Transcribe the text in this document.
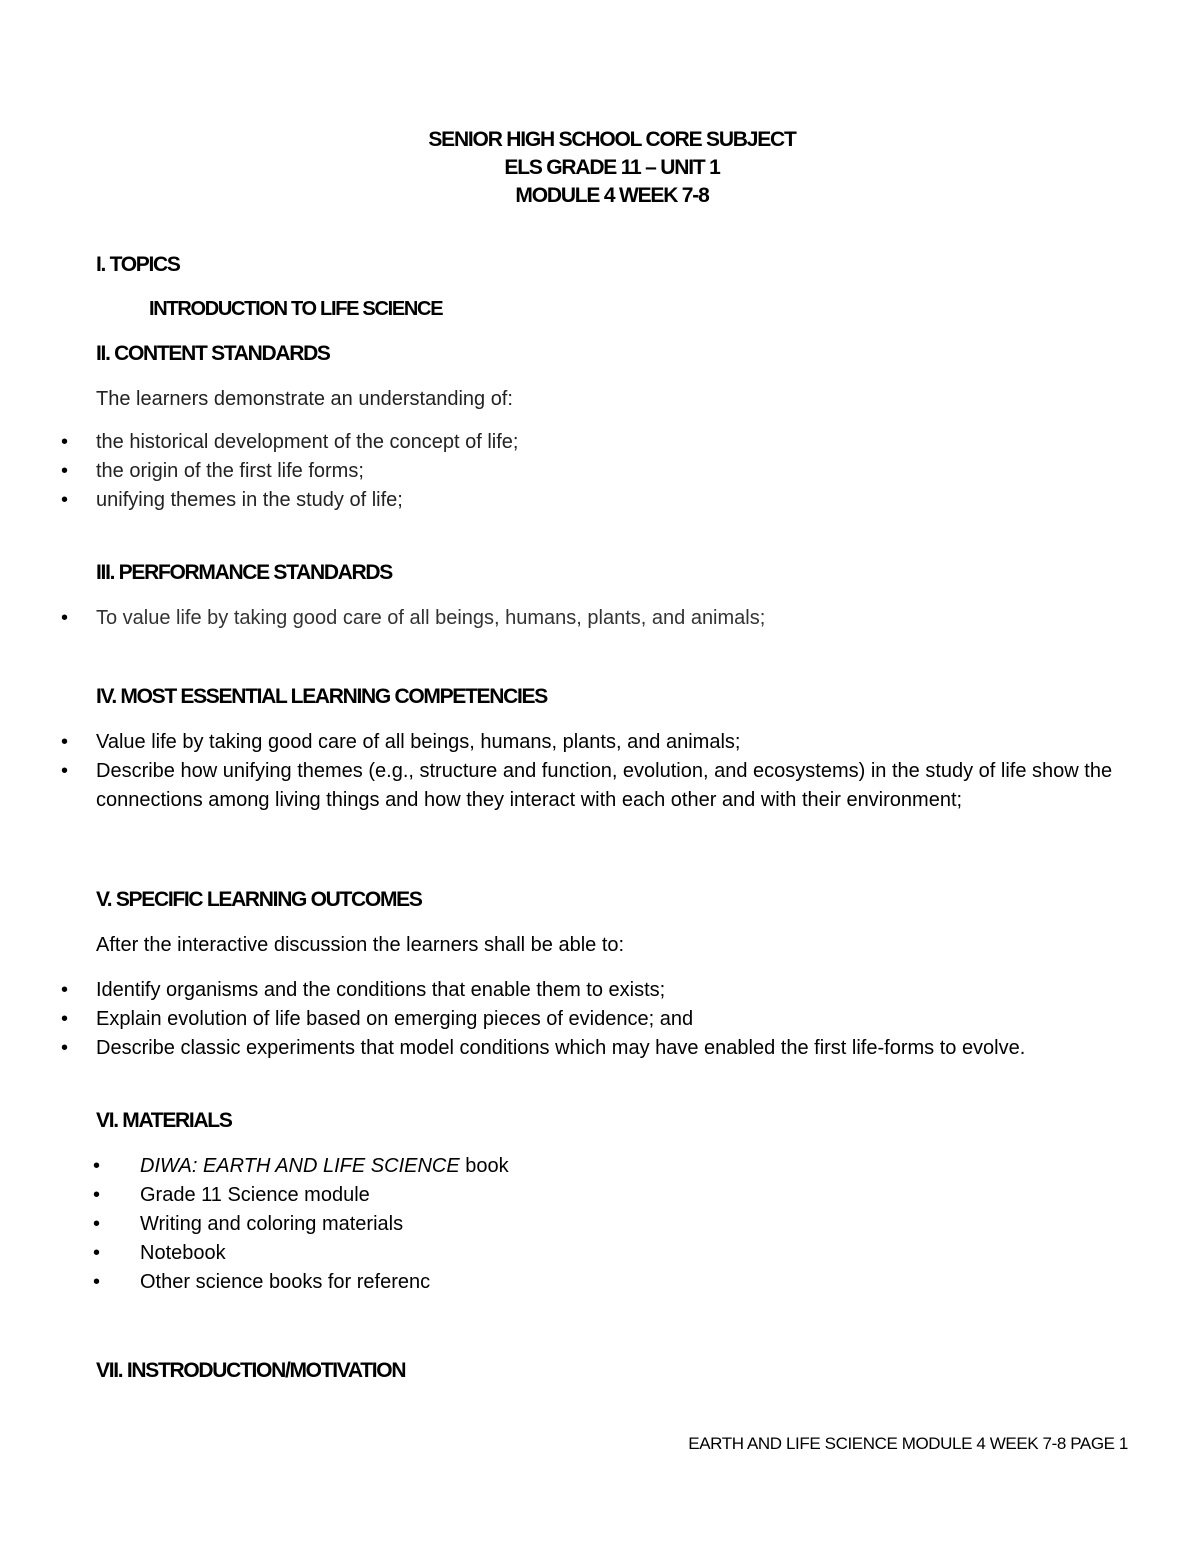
SENIOR HIGH SCHOOL CORE SUBJECT
ELS GRADE 11 – UNIT 1
MODULE 4 WEEK 7-8
I. TOPICS
INTRODUCTION TO LIFE SCIENCE
II. CONTENT STANDARDS
The learners demonstrate an understanding of:
•	the historical development of the concept of life;
•	the origin of the first life forms;
•	unifying themes in the study of life;
III. PERFORMANCE STANDARDS
•	To value life by taking good care of all beings, humans, plants, and animals;
IV. MOST ESSENTIAL LEARNING COMPETENCIES
•	Value life by taking good care of all beings, humans, plants, and animals;
•	Describe how unifying themes (e.g., structure and function, evolution, and ecosystems) in the study of life show the connections among living things and how they interact with each other and with their environment;
V. SPECIFIC LEARNING OUTCOMES
After the interactive discussion the learners shall be able to:
•	Identify organisms and the conditions that enable them to exists;
•	Explain evolution of life based on emerging pieces of evidence; and
•	Describe classic experiments that model conditions which may have enabled the first life-forms to evolve.
VI. MATERIALS
•	DIWA: EARTH AND LIFE SCIENCE book
•	Grade 11 Science module
•	Writing and coloring materials
•	Notebook
•	Other science books for referenc
VII. INSTRODUCTION/MOTIVATION
EARTH AND LIFE SCIENCE MODULE 4 WEEK 7-8 PAGE 1
